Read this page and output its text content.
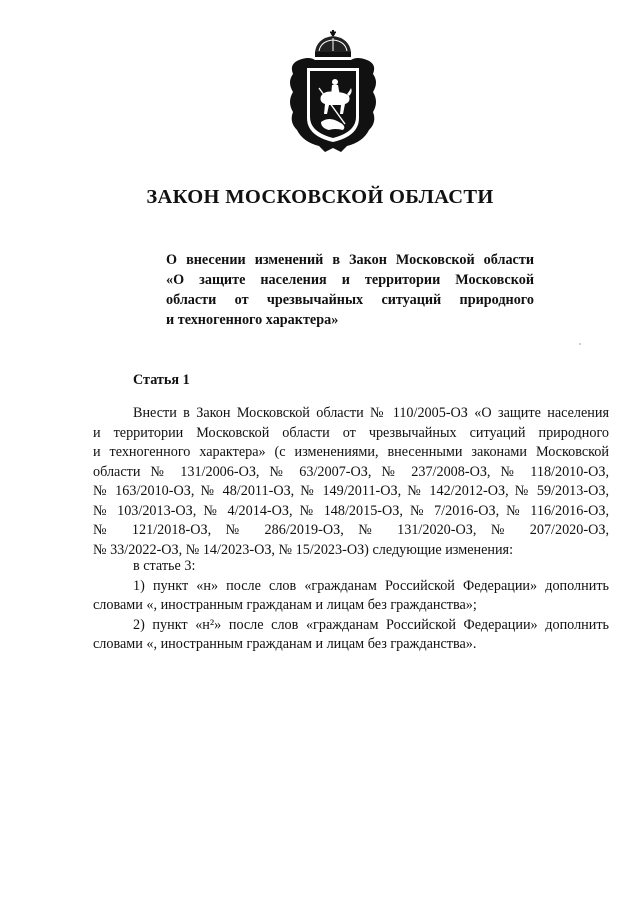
ЗАКОН МОСКОВСКОЙ ОБЛАСТИ
О внесении изменений в Закон Московской области
«О защите населения и территории Московской
области от чрезвычайных ситуаций природного
и техногенного характера»
Статья 1
Внести в Закон Московской области № 110/2005-ОЗ «О защите населения
и территории Московской области от чрезвычайных ситуаций природного
и техногенного характера» (с изменениями, внесенными законами Московской
области № 131/2006-ОЗ, № 63/2007-ОЗ, № 237/2008-ОЗ, № 118/2010-ОЗ,
№ 163/2010-ОЗ, № 48/2011-ОЗ, № 149/2011-ОЗ, № 142/2012-ОЗ, № 59/2013-ОЗ,
№ 103/2013-ОЗ, № 4/2014-ОЗ, № 148/2015-ОЗ, № 7/2016-ОЗ, № 116/2016-ОЗ,
№ 121/2018-ОЗ, № 286/2019-ОЗ, № 131/2020-ОЗ, № 207/2020-ОЗ,
№ 33/2022-ОЗ, № 14/2023-ОЗ, № 15/2023-ОЗ) следующие изменения:
в статье 3:
1) пункт «н» после слов «гражданам Российской Федерации» дополнить
словами «, иностранным гражданам и лицам без гражданства»;
2) пункт «н²» после слов «гражданам Российской Федерации» дополнить
словами «, иностранным гражданам и лицам без гражданства».
